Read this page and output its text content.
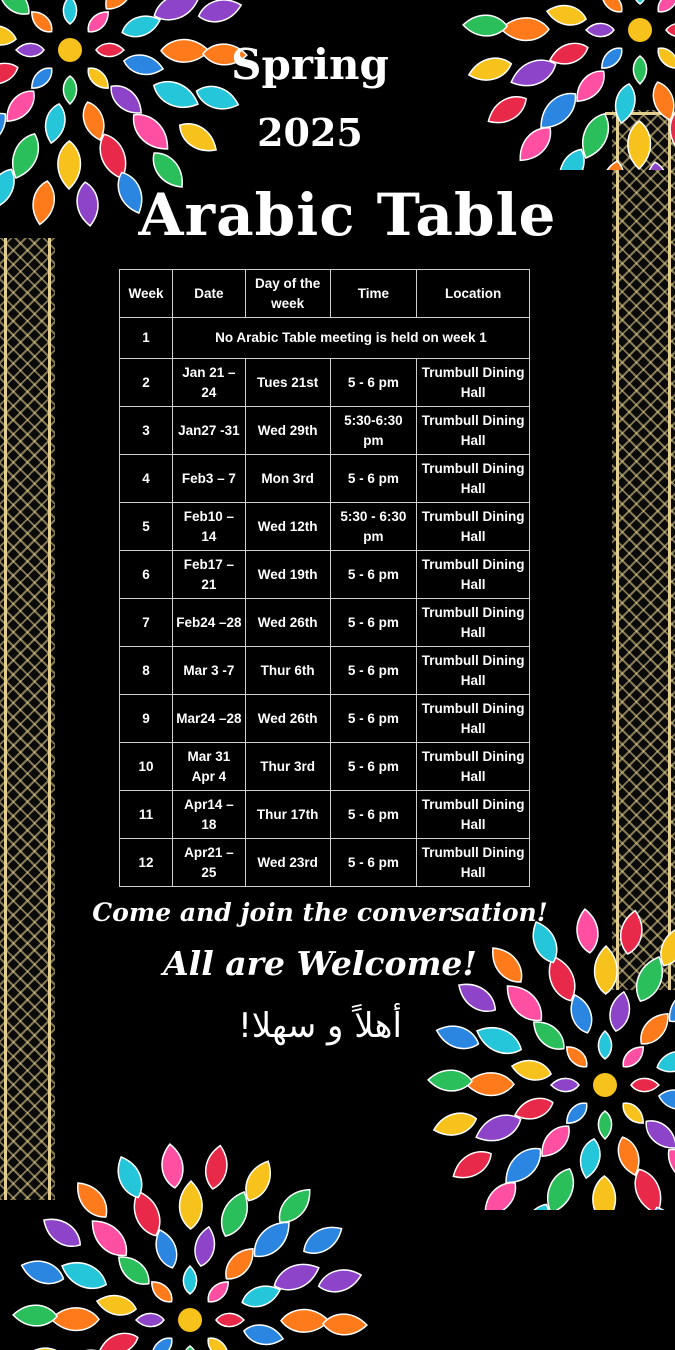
Spring
2025
Arabic Table
Week	Date	Day of the week	Time	Location
1	No Arabic Table meeting is held on week 1			
2	Jan 21 – 24	Tues 21st	5 - 6 pm	Trumbull Dining Hall
3	Jan27 -31	Wed 29th	5:30-6:30 pm	Trumbull Dining Hall
4	Feb3 – 7	Mon 3rd	5 - 6 pm	Trumbull Dining Hall
5	Feb10 – 14	Wed 12th	5:30 - 6:30 pm	Trumbull Dining Hall
6	Feb17 – 21	Wed 19th	5 - 6 pm	Trumbull Dining Hall
7	Feb24 –28	Wed 26th	5 - 6 pm	Trumbull Dining Hall
8	Mar 3 -7	Thur 6th	5 - 6 pm	Trumbull Dining Hall
9	Mar24 –28	Wed 26th	5 - 6 pm	Trumbull Dining Hall
10	Mar 31 Apr 4	Thur 3rd	5 - 6 pm	Trumbull Dining Hall
11	Apr14 – 18	Thur 17th	5 - 6 pm	Trumbull Dining Hall
12	Apr21 – 25	Wed 23rd	5 - 6 pm	Trumbull Dining Hall
Come and join the conversation!
All are Welcome!
أهلاً و سهلا!
